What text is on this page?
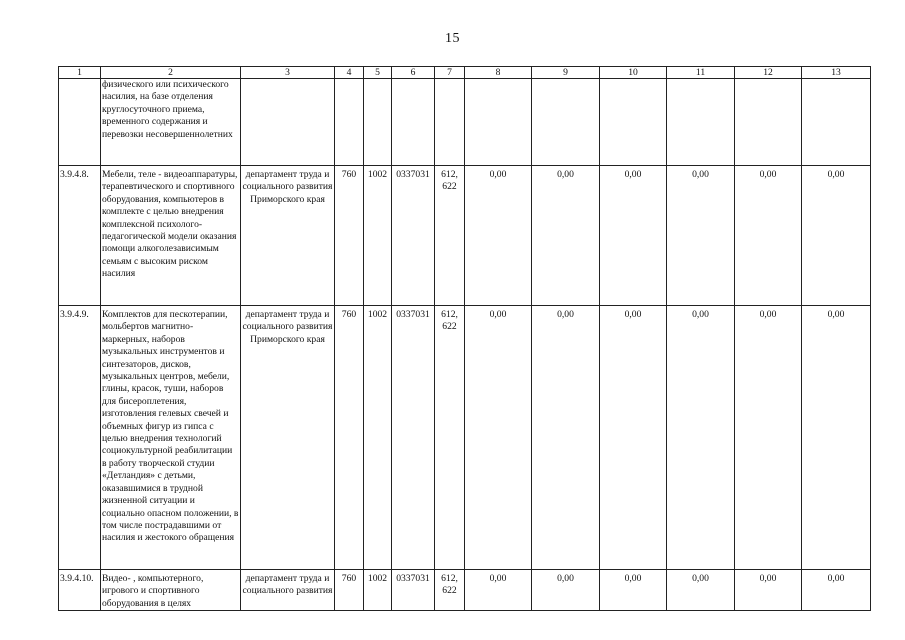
15
1	2	3	4	5	6	7	8	9	10	11	12	13
	физического или психического насилия, на базе отделения круглосуточного приема, временного содержания и перевозки несовершеннолетних											
3.9.4.8.	Мебели, теле - видеоаппаратуры, терапевтического и спортивного оборудования, компьютеров в комплекте с целью внедрения комплексной психолого-педагогической модели оказания помощи алкоголезависимым семьям с высоким риском насилия	департамент труда и социального развития Приморского края	760	1002	0337031	612, 622	0,00	0,00	0,00	0,00	0,00	0,00
3.9.4.9.	Комплектов для пескотерапии, мольбертов магнитно-маркерных, наборов музыкальных инструментов и синтезаторов, дисков, музыкальных центров, мебели, глины, красок, туши, наборов для бисероплетения, изготовления гелевых свечей и объемных фигур из гипса с целью внедрения технологий социокультурной реабилитации в работу творческой студии «Детландия» с детьми, оказавшимися в трудной жизненной ситуации и социально опасном положении, в том числе пострадавшими от насилия и жестокого обращения	департамент труда и социального развития Приморского края	760	1002	0337031	612, 622	0,00	0,00	0,00	0,00	0,00	0,00
3.9.4.10.	Видео- , компьютерного, игрового и спортивного оборудования в целях	департамент труда и социального развития	760	1002	0337031	612, 622	0,00	0,00	0,00	0,00	0,00	0,00
